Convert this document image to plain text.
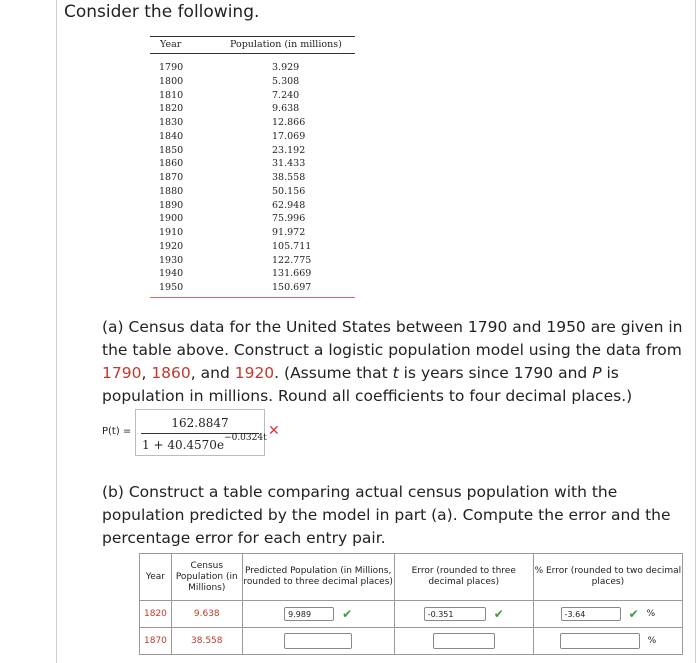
Consider the following.
Year	Population (in millions)
1790	3.929
1800	5.308
1810	7.240
1820	9.638
1830	12.866
1840	17.069
1850	23.192
1860	31.433
1870	38.558
1880	50.156
1890	62.948
1900	75.996
1910	91.972
1920	105.711
1930	122.775
1940	131.669
1950	150.697
(a) Census data for the United States between 1790 and 1950 are given in the table above. Construct a logistic population model using the data from 1790, 1860, and 1920. (Assume that t is years since 1790 and P is population in millions. Round all coefficients to four decimal places.)
P(t) =
162.8847
$1 + 40.4570e^{-0.0324t}$ ✕
(b) Construct a table comparing actual census population with the population predicted by the model in part (a). Compute the error and the percentage error for each entry pair.
Year	Census Population (in Millions)	Predicted Population (in Millions, rounded to three decimal places)	Error (rounded to three decimal places)	% Error (rounded to two decimal places)
1820	9.638	9.989 ✔	-0.351 ✔	-3.64 ✔ %
1870	38.558			%
